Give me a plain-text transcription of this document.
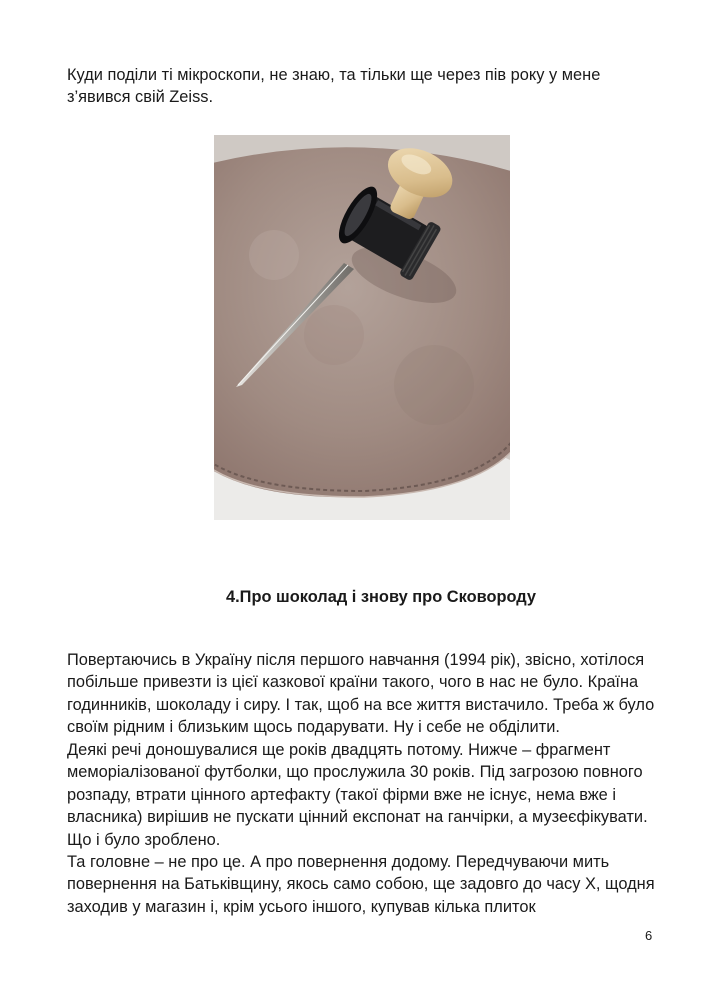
Куди поділи ті мікроскопи, не знаю, та тільки ще через пів року у мене з’явився свій Zeiss.

4.Про шоколад і знову про Сковороду

Повертаючись в Україну після першого навчання (1994 рік), звісно, хотілося побільше привезти із цієї казкової країни такого, чого в нас не було. Країна годинників, шоколаду і сиру. І так, щоб на все життя вистачило. Треба ж було своїм рідним і близьким щось подарувати. Ну і себе не обділити.

Деякі речі доношувалися ще років двадцять потому. Нижче – фрагмент меморіалізованої футболки, що прослужила 30 років. Під загрозою повного розпаду, втрати цінного артефакту (такої фірми вже не існує, нема вже і власника) вирішив не пускати цінний експонат на ганчірки, а музеєфікувати. Що і було зроблено.

Та головне – не про це. А про повернення додому. Передчуваючи мить повернення на Батьківщину, якось само собою, ще задовго до часу Х, щодня заходив у магазин і, крім усього іншого, купував кілька плиток

6
